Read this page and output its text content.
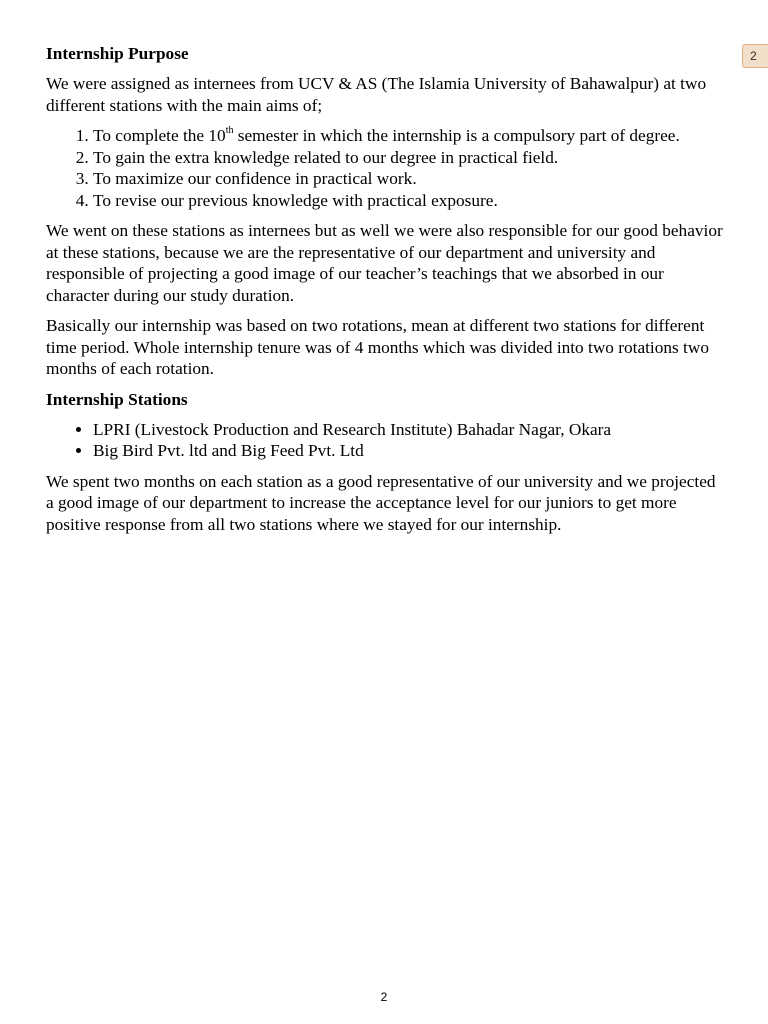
2
Internship Purpose

We were assigned as internees from UCV & AS (The Islamia University of Bahawalpur) at two different stations with the main aims of;

1. To complete the 10th semester in which the internship is a compulsory part of degree.
2. To gain the extra knowledge related to our degree in practical field.
3. To maximize our confidence in practical work.
4. To revise our previous knowledge with practical exposure.

We went on these stations as internees but as well we were also responsible for our good behavior at these stations, because we are the representative of our department and university and responsible of projecting a good image of our teacher’s teachings that we absorbed in our character during our study duration.

Basically our internship was based on two rotations, mean at different two stations for different time period. Whole internship tenure was of 4 months which was divided into two rotations two months of each rotation.

Internship Stations
• LPRI (Livestock Production and Research Institute) Bahadar Nagar, Okara
• Big Bird Pvt. ltd and Big Feed Pvt. Ltd

We spent two months on each station as a good representative of our university and we projected a good image of our department to increase the acceptance level for our juniors to get more positive response from all two stations where we stayed for our internship.

2
